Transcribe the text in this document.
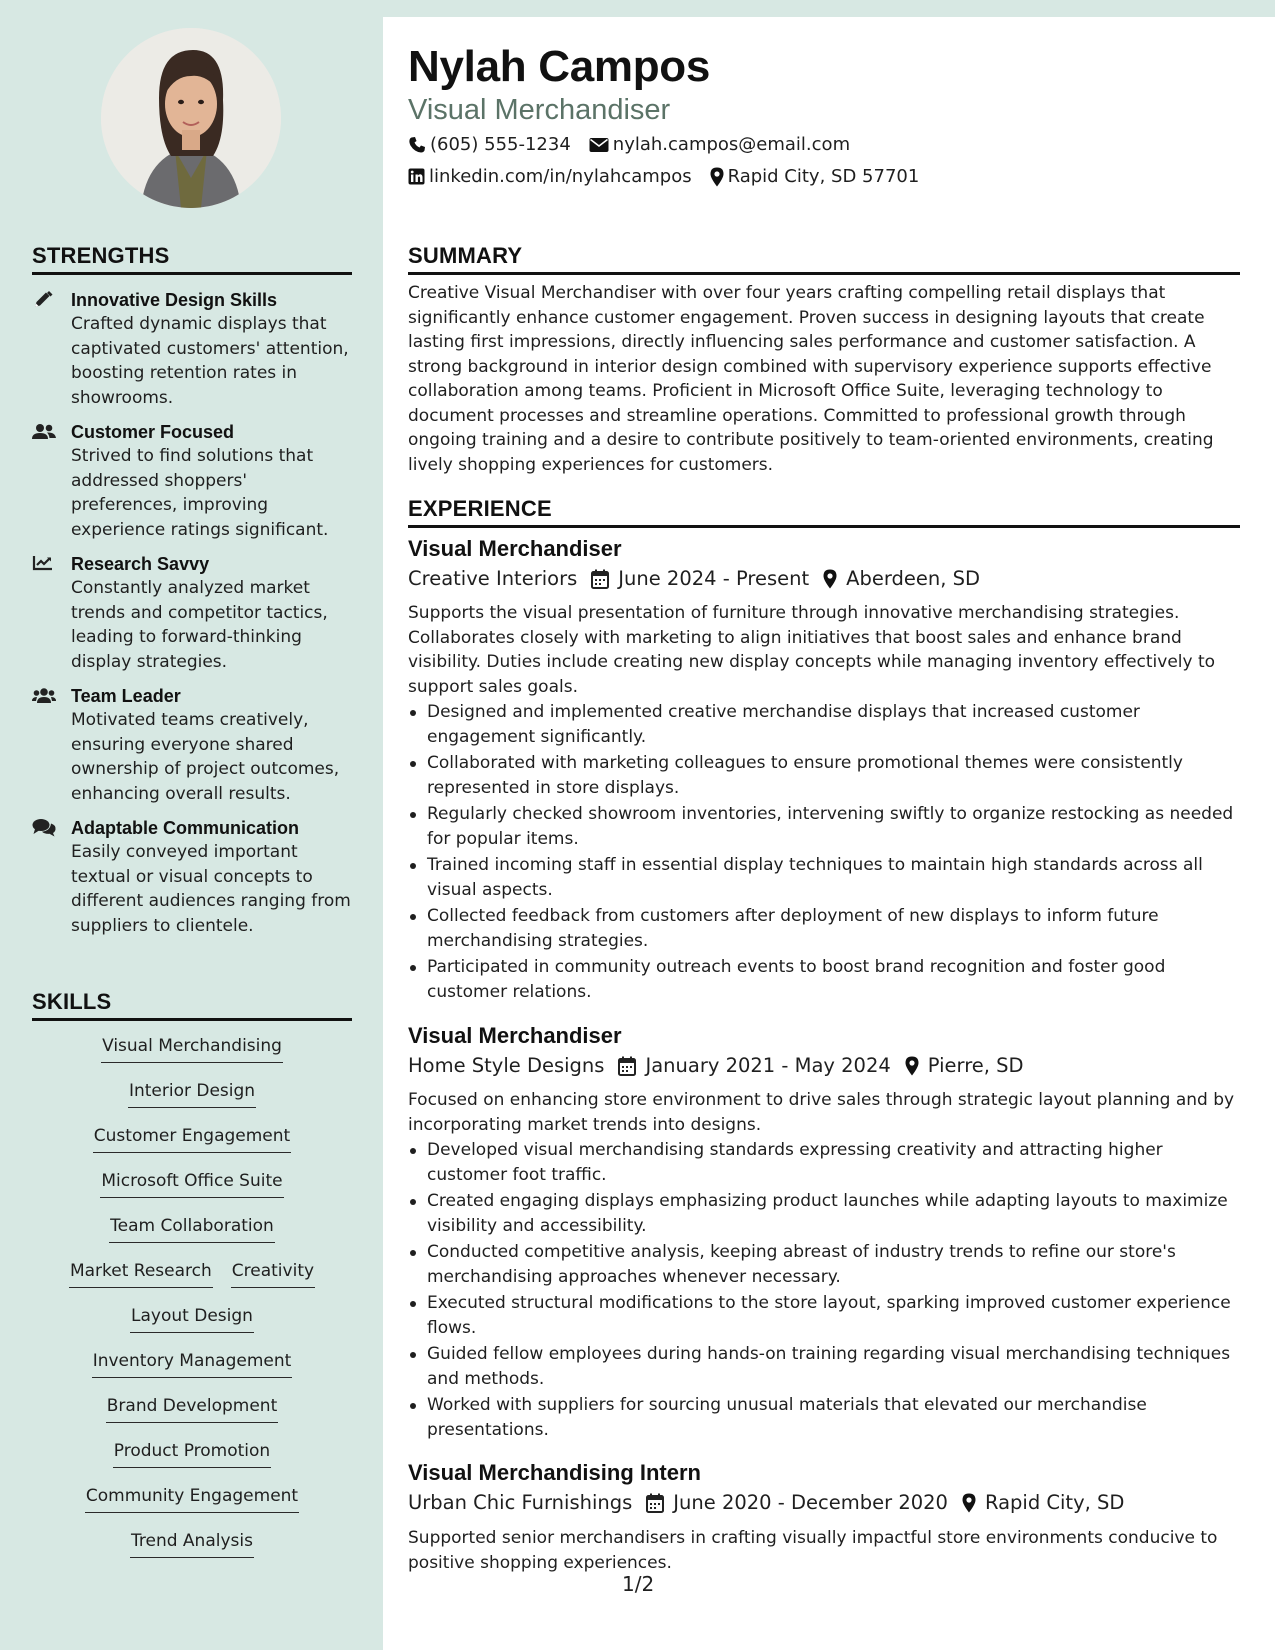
STRENGTHS
Innovative Design Skills
Crafted dynamic displays that captivated customers' attention, boosting retention rates in showrooms.
Customer Focused
Strived to find solutions that addressed shoppers' preferences, improving experience ratings significant.
Research Savvy
Constantly analyzed market trends and competitor tactics, leading to forward-thinking display strategies.
Team Leader
Motivated teams creatively, ensuring everyone shared ownership of project outcomes, enhancing overall results.
Adaptable Communication
Easily conveyed important textual or visual concepts to different audiences ranging from suppliers to clientele.
SKILLS
Visual Merchandising
Interior Design
Customer Engagement
Microsoft Office Suite
Team Collaboration
Market Research Creativity
Layout Design
Inventory Management
Brand Development
Product Promotion
Community Engagement
Trend Analysis
Nylah Campos
Visual Merchandiser
(605) 555-1234 nylah.campos@email.com
linkedin.com/in/nylahcampos Rapid City, SD 57701
SUMMARY
Creative Visual Merchandiser with over four years crafting compelling retail displays that significantly enhance customer engagement. Proven success in designing layouts that create lasting first impressions, directly influencing sales performance and customer satisfaction. A strong background in interior design combined with supervisory experience supports effective collaboration among teams. Proficient in Microsoft Office Suite, leveraging technology to document processes and streamline operations. Committed to professional growth through ongoing training and a desire to contribute positively to team-oriented environments, creating lively shopping experiences for customers.
EXPERIENCE
Visual Merchandiser
Creative Interiors June 2024 - Present Aberdeen, SD
Supports the visual presentation of furniture through innovative merchandising strategies. Collaborates closely with marketing to align initiatives that boost sales and enhance brand visibility. Duties include creating new display concepts while managing inventory effectively to support sales goals.
Designed and implemented creative merchandise displays that increased customer engagement significantly.
Collaborated with marketing colleagues to ensure promotional themes were consistently represented in store displays.
Regularly checked showroom inventories, intervening swiftly to organize restocking as needed for popular items.
Trained incoming staff in essential display techniques to maintain high standards across all visual aspects.
Collected feedback from customers after deployment of new displays to inform future merchandising strategies.
Participated in community outreach events to boost brand recognition and foster good customer relations.
Visual Merchandiser
Home Style Designs January 2021 - May 2024 Pierre, SD
Focused on enhancing store environment to drive sales through strategic layout planning and by incorporating market trends into designs.
Developed visual merchandising standards expressing creativity and attracting higher customer foot traffic.
Created engaging displays emphasizing product launches while adapting layouts to maximize visibility and accessibility.
Conducted competitive analysis, keeping abreast of industry trends to refine our store's merchandising approaches whenever necessary.
Executed structural modifications to the store layout, sparking improved customer experience flows.
Guided fellow employees during hands-on training regarding visual merchandising techniques and methods.
Worked with suppliers for sourcing unusual materials that elevated our merchandise presentations.
Visual Merchandising Intern
Urban Chic Furnishings June 2020 - December 2020 Rapid City, SD
Supported senior merchandisers in crafting visually impactful store environments conducive to positive shopping experiences.
1/2
